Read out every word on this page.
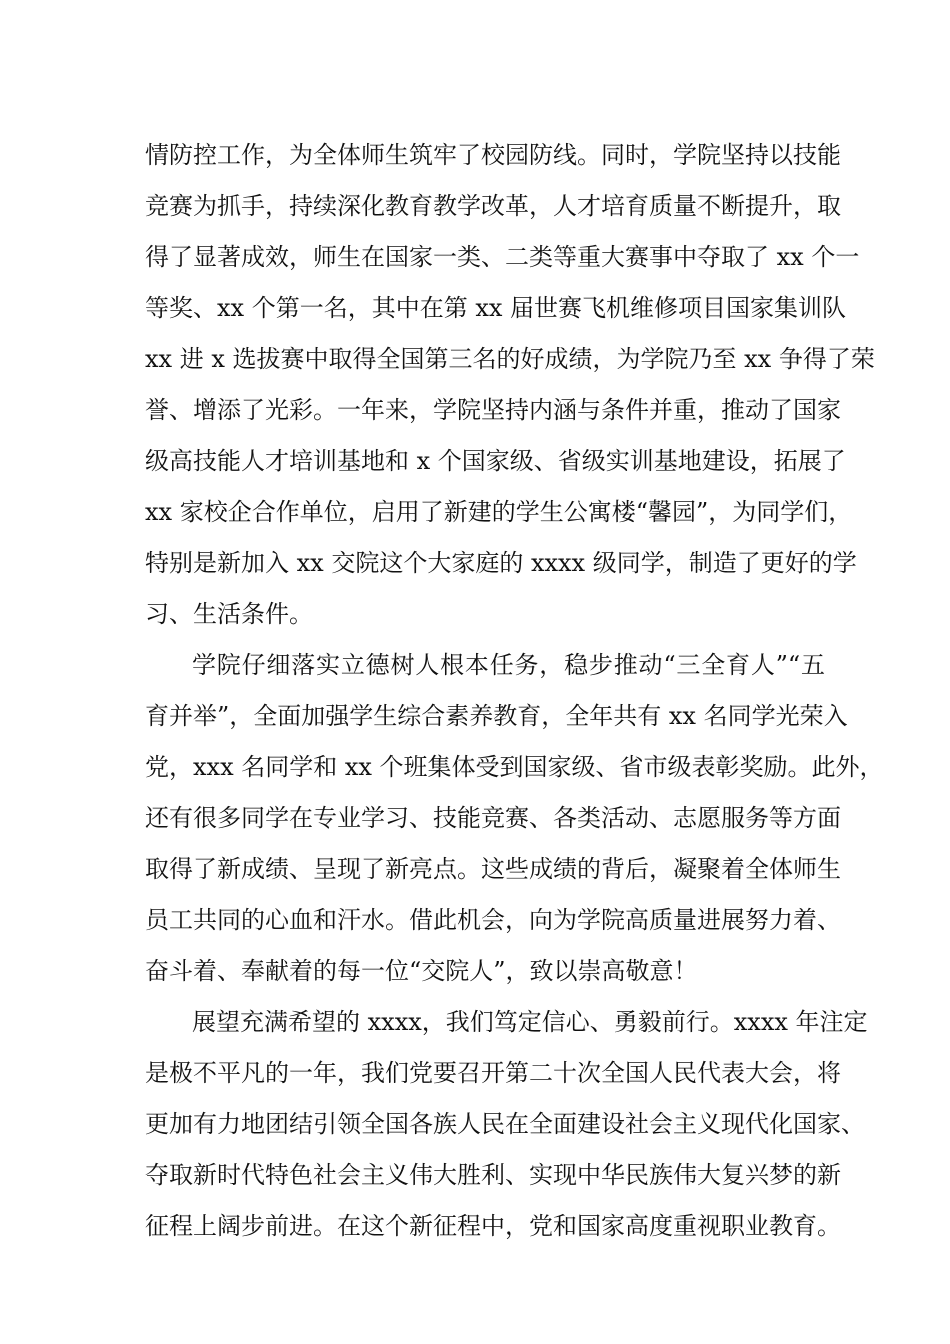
情防控工作，为全体师生筑牢了校园防线。同时，学院坚持以技能
竞赛为抓手，持续深化教育教学改革，人才培育质量不断提升，取
得了显著成效，师生在国家一类、二类等重大赛事中夺取了 xx 个一
等奖、xx 个第一名，其中在第 xx 届世赛飞机维修项目国家集训队
xx 进 x 选拔赛中取得全国第三名的好成绩，为学院乃至 xx 争得了荣
誉、增添了光彩。一年来，学院坚持内涵与条件并重，推动了国家
级高技能人才培训基地和 x 个国家级、省级实训基地建设，拓展了
xx 家校企合作单位，启用了新建的学生公寓楼“馨园”，为同学们，
特别是新加入 xx 交院这个大家庭的 xxxx 级同学，制造了更好的学
习、生活条件。
学院仔细落实立德树人根本任务，稳步推动“三全育人”“五
育并举”，全面加强学生综合素养教育，全年共有 xx 名同学光荣入
党，xxx 名同学和 xx 个班集体受到国家级、省市级表彰奖励。此外，
还有很多同学在专业学习、技能竞赛、各类活动、志愿服务等方面
取得了新成绩、呈现了新亮点。这些成绩的背后，凝聚着全体师生
员工共同的心血和汗水。借此机会，向为学院高质量进展努力着、
奋斗着、奉献着的每一位“交院人”，致以崇高敬意！
展望充满希望的 xxxx，我们笃定信心、勇毅前行。xxxx 年注定
是极不平凡的一年，我们党要召开第二十次全国人民代表大会，将
更加有力地团结引领全国各族人民在全面建设社会主义现代化国家、
夺取新时代特色社会主义伟大胜利、实现中华民族伟大复兴梦的新
征程上阔步前进。在这个新征程中，党和国家高度重视职业教育。
